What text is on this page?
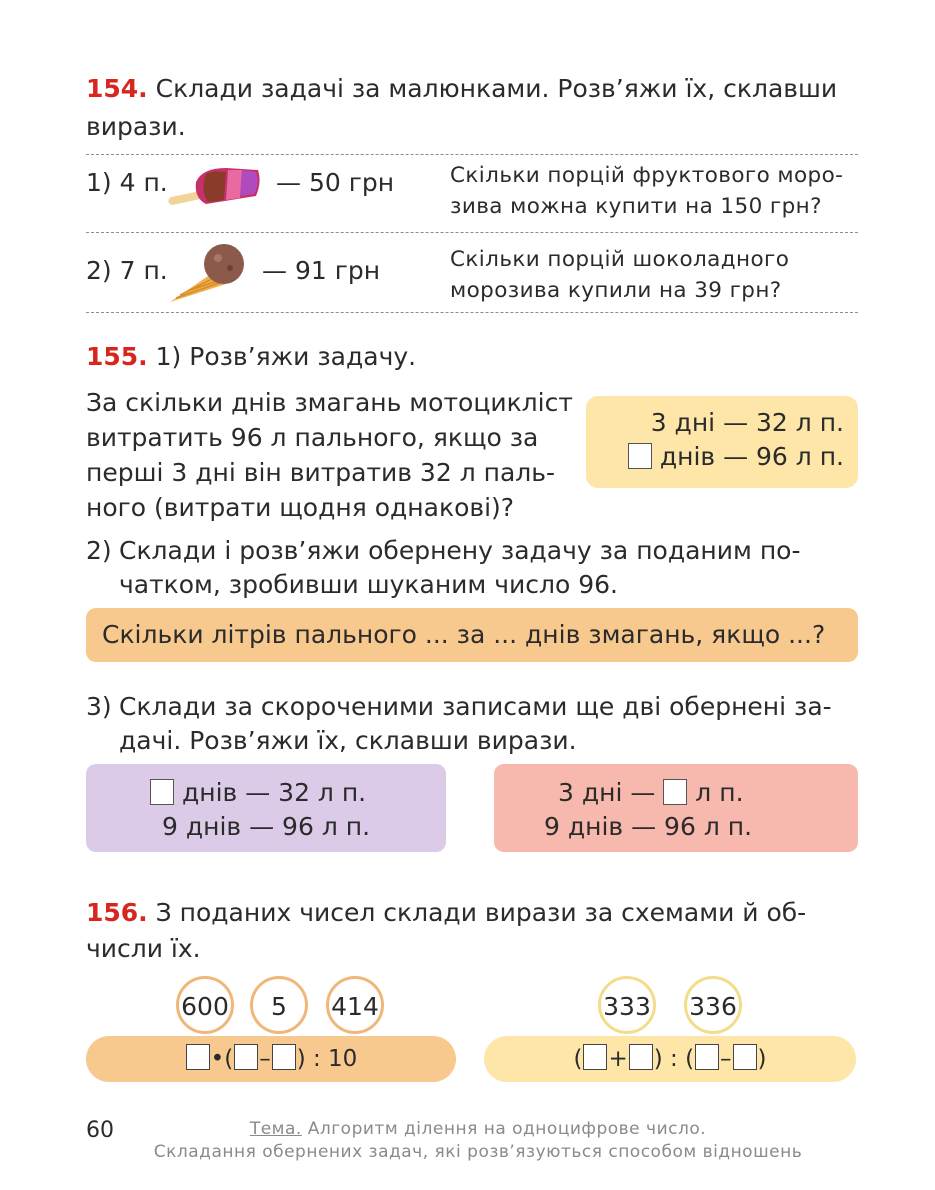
154. Склади задачі за малюнками. Розв’яжи їх, склавши
вирази.
1) 4 п.	— 50 грн	Скільки порцій фруктового моро-
зива можна купити на 150 грн?
2) 7 п.	— 91 грн	Скільки порцій шоколадного
морозива купили на 39 грн?
155. 1) Розв’яжи задачу.
За скільки днів змагань мотоцикліст
витратить 96 л пального, якщо за
перші 3 дні він витратив 32 л паль-
ного (витрати щодня однакові)?
3 дні — 32 л п.
днів — 96 л п.
2) Склади і розв’яжи обернену задачу за поданим по-
чатком, зробивши шуканим число 96.
Скільки літрів пального ... за ... днів змагань, якщо ...?
3) Склади за скороченими записами ще дві обернені за-
дачі. Розв’яжи їх, склавши вирази.
днів — 32 л п.
9 днів — 96 л п.
3 дні — л п.
9 днів — 96 л п.
156. З поданих чисел склади вирази за схемами й об-
числи їх.
600	5	414	333 336
•( – ) : 10	( + ) : ( – )
60	Тема. Алгоритм ділення на одноцифрове число.
Складання обернених задач, які розв’язуються способом відношень
